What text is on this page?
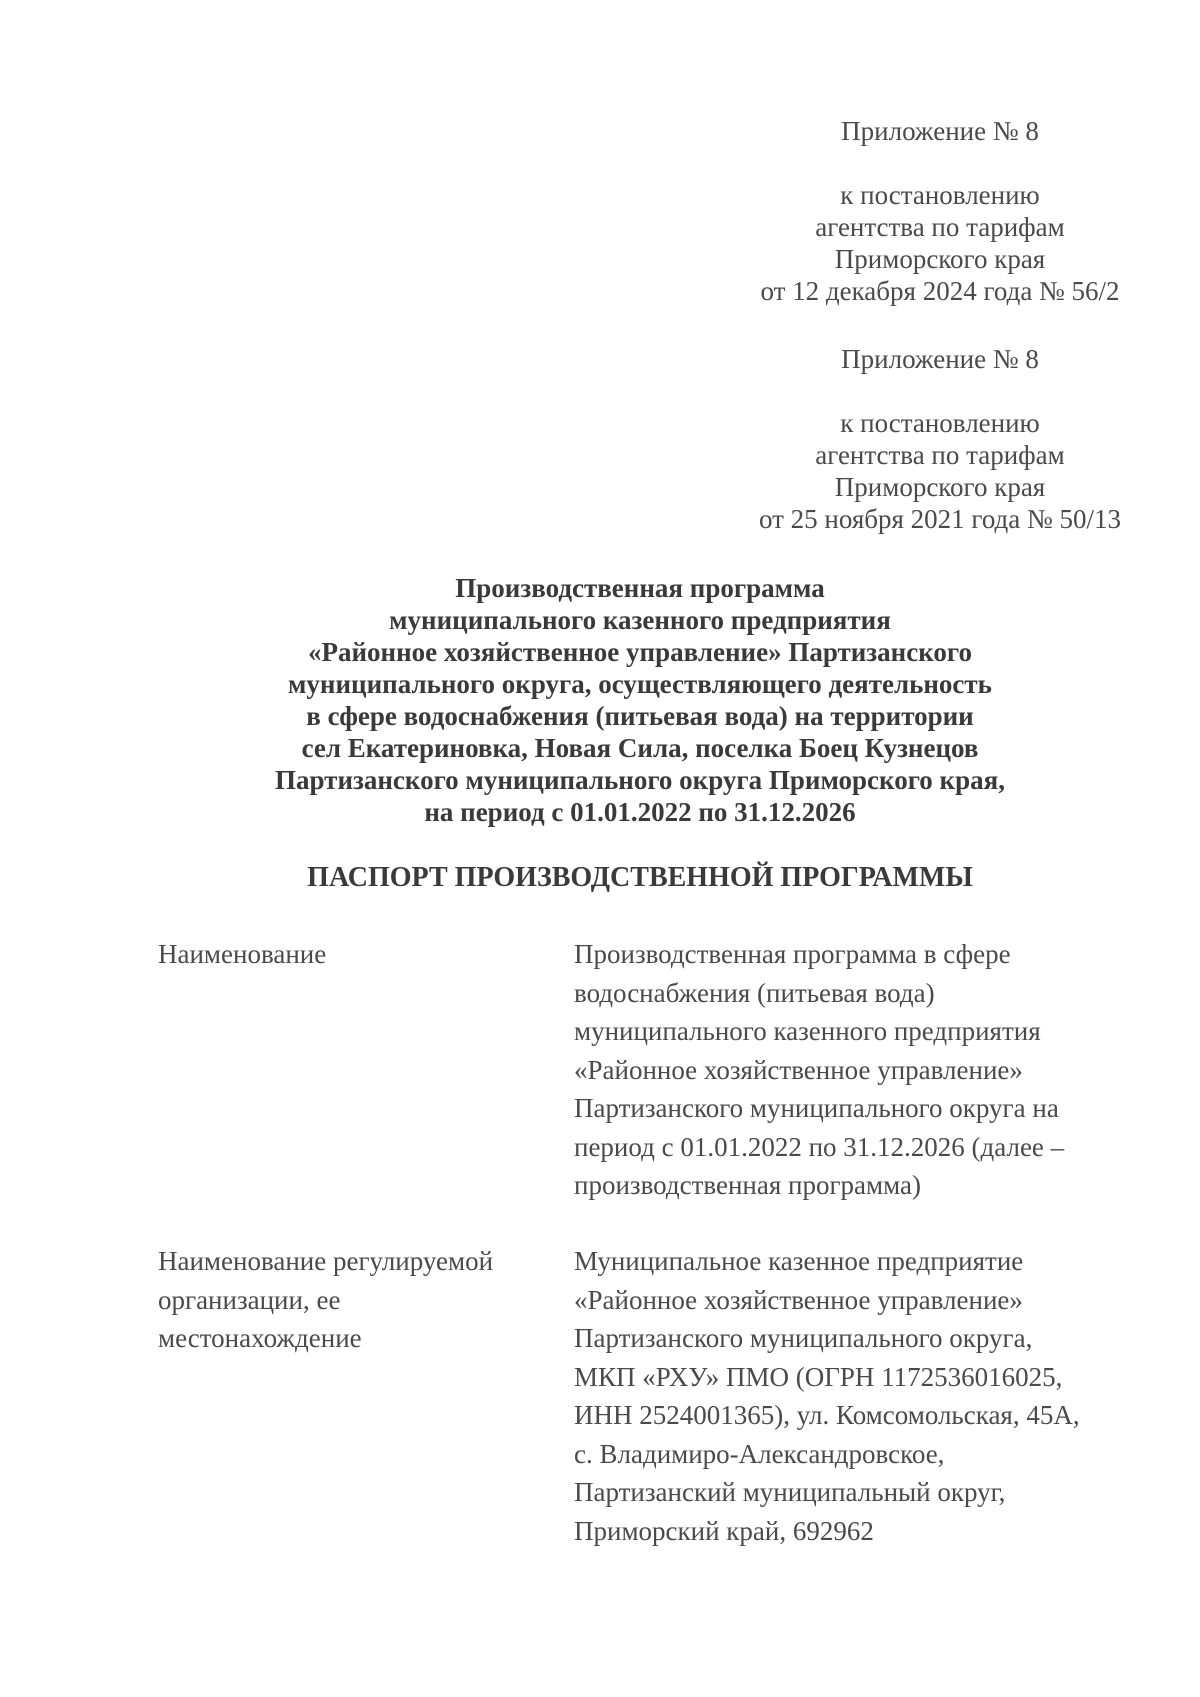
Приложение № 8
к постановлению
агентства по тарифам
Приморского края
от 12 декабря 2024 года № 56/2
Приложение № 8
к постановлению
агентства по тарифам
Приморского края
от 25 ноября 2021 года № 50/13
Производственная программа
муниципального казенного предприятия
«Районное хозяйственное управление» Партизанского
муниципального округа, осуществляющего деятельность
в сфере водоснабжения (питьевая вода) на территории
сел Екатериновка, Новая Сила, поселка Боец Кузнецов
Партизанского муниципального округа Приморского края,
на период с 01.01.2022 по 31.12.2026
ПАСПОРТ ПРОИЗВОДСТВЕННОЙ ПРОГРАММЫ
Наименование	Производственная программа в сфере
водоснабжения (питьевая вода)
муниципального казенного предприятия
«Районное хозяйственное управление»
Партизанского муниципального округа на
период с 01.01.2022 по 31.12.2026 (далее –
производственная программа)
Наименование регулируемой
организации, ее
местонахождение
Муниципальное казенное предприятие
«Районное хозяйственное управление»
Партизанского муниципального округа,
МКП «РХУ» ПМО (ОГРН 1172536016025,
ИНН 2524001365), ул. Комсомольская, 45А,
с. Владимиро-Александровское,
Партизанский муниципальный округ,
Приморский край, 692962
